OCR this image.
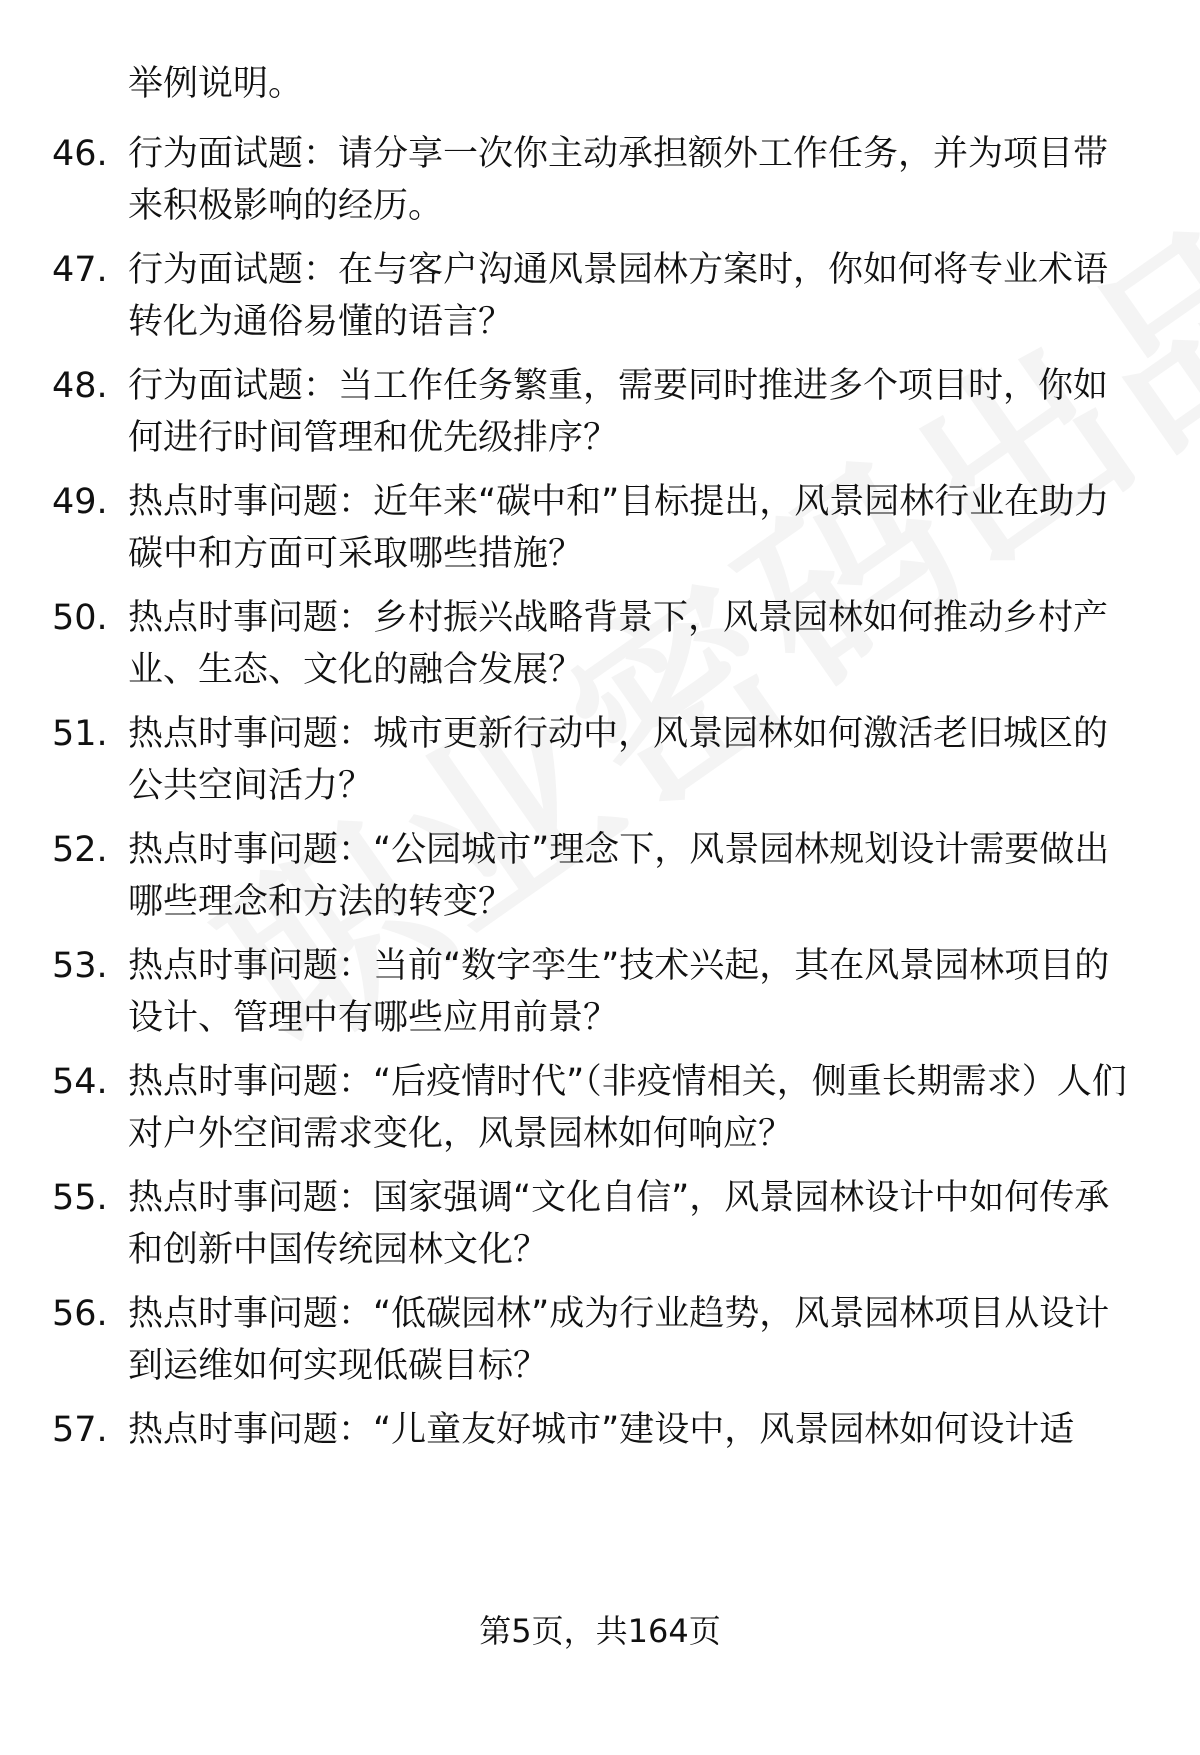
举例说明。
46. 行为面试题：请分享一次你主动承担额外工作任务，并为项目带来积极影响的经历。
47. 行为面试题：在与客户沟通风景园林方案时，你如何将专业术语转化为通俗易懂的语言？
48. 行为面试题：当工作任务繁重，需要同时推进多个项目时，你如何进行时间管理和优先级排序？
49. 热点时事问题：近年来“碳中和”目标提出，风景园林行业在助力碳中和方面可采取哪些措施？
50. 热点时事问题：乡村振兴战略背景下，风景园林如何推动乡村产业、生态、文化的融合发展？
51. 热点时事问题：城市更新行动中，风景园林如何激活老旧城区的公共空间活力？
52. 热点时事问题：“公园城市”理念下，风景园林规划设计需要做出哪些理念和方法的转变？
53. 热点时事问题：当前“数字孪生”技术兴起，其在风景园林项目的设计、管理中有哪些应用前景？
54. 热点时事问题：“后疫情时代”（非疫情相关，侧重长期需求）人们对户外空间需求变化，风景园林如何响应？
55. 热点时事问题：国家强调“文化自信”，风景园林设计中如何传承和创新中国传统园林文化？
56. 热点时事问题：“低碳园林”成为行业趋势，风景园林项目从设计到运维如何实现低碳目标？
57. 热点时事问题：“儿童友好城市”建设中，风景园林如何设计适
第5页，共164页
